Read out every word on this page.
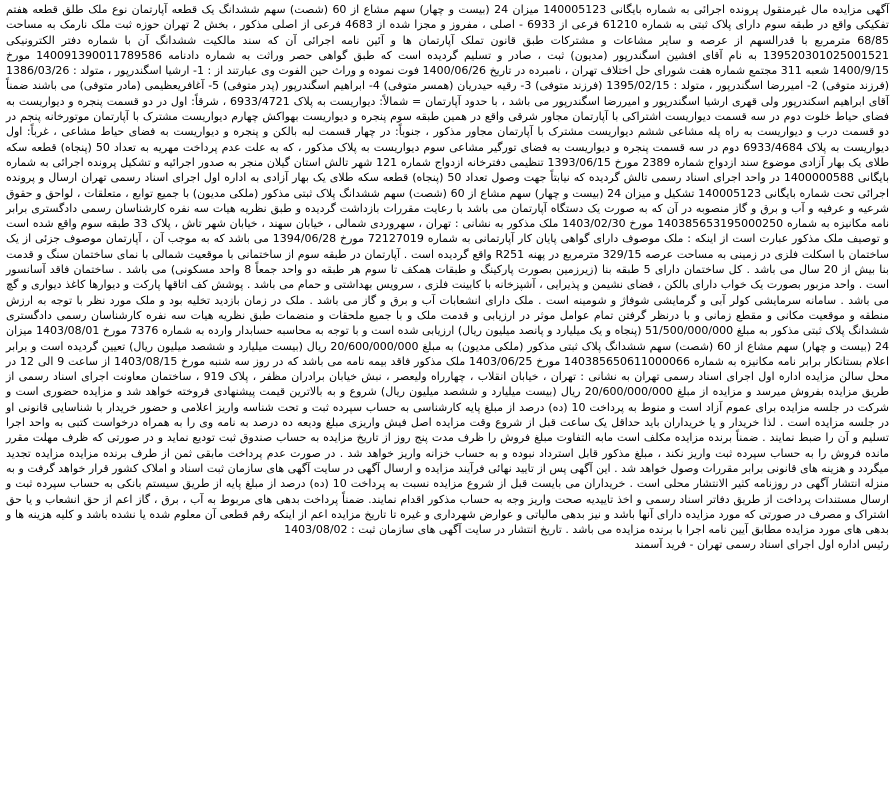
آگهی مزایده مال غیرمنقول پرونده اجرائی به شماره بایگانی 140005123 میزان 24 (بیست و چهار) سهم مشاع از 60 (شصت) سهم ششدانگ یک قطعه آپارتمان نوع ملک طلق قطعه هفتم تفکیکی واقع در طبقه سوم دارای پلاک ثبتی به شماره 61210 فرعی از 6933 - اصلی ، مفروز و مجزا شده از 4683 فرعی از اصلی مذکور ، بخش 2 تهران حوزه ثبت ملک نارمک به مساحت 68/85 مترمربع با قدرالسهم از عرصه و سایر مشاعات و مشترکات طبق قانون تملک آپارتمان ها و آئین نامه اجرائی آن که سند مالکیت ششدانگ آن با شماره دفتر الکترونیکی 139520301025001521 به نام آقای افشین اسگندرپور (مدیون) ثبت ، صادر و تسلیم گردیده است که طبق گواهی حصر وراثت به شماره دادنامه 140091390011789586 مورخ 1400/9/15 شعبه 311 مجتمع شماره هفت شورای حل اختلاف تهران ، نامبرده در تاریخ 1400/06/26 فوت نموده و وراث حین الفوت وی عبارتند از : 1- ارشیا اسگندرپور ، متولد : 1386/03/26 (فرزند متوفی) 2- امیررضا اسگندرپور ، متولد : 1395/02/15 (فرزند متوفی) 3- رقیه حیدریان (همسر متوفی) 4- ابراهیم اسگندرپور (پدر متوفی) 5- آغافریعظیمی (مادر متوفی) می باشند ضمناً آقای ابراهیم اسکندرپور ولی قهری ارشیا اسگندرپور و امیررضا اسگندرپور می باشد ، با حدود آپارتمان = شمالاً: دیواریست به پلاک 6933/4721 ، شرقاً: اول در دو قسمت پنجره و دیواریست به فضای حیاط خلوت دوم در سه قسمت دیواریست اشتراکی با آپارتمان مجاور شرقی واقع در همین طبقه سوم پنجره و دیواریست بهواکش چهارم دیواریست مشترک با آپارتمان موتورخانه پنجم در دو قسمت درب و دیواریست به راه پله مشاعی ششم دیواریست مشترک با آپارتمان مجاور مذکور ، جنوباً: در چهار قسمت لبه بالکن و پنجره و دیواریست به فضای حیاط مشاعی ، غرباً: اول دیواریست به پلاک 6933/4684 دوم در سه قسمت پنجره و دیواریست به فضای تورگیر مشاعی سوم دیواریست به پلاک مذکور ، که به علت عدم پرداخت مهریه به تعداد 50 (پنجاه) قطعه سکه طلای یک بهار آزادی موضوع سند ازدواج شماره 2389 مورخ 1393/06/15 تنظیمی دفترخانه ازدواج شماره 121 شهر تالش استان گیلان منجر به صدور اجرائیه و تشکیل پرونده اجرائی به شماره بایگانی 1400000588 در واحد اجرای اسناد رسمی تالش گردیده که نیابتاً جهت وصول تعداد 50 (پنجاه) قطعه سکه طلای یک بهار آزادی به اداره اول اجرای اسناد رسمی تهران ارسال و پرونده اجرائی تحت شماره بایگانی 140005123 تشکیل و میزان 24 (بیست و چهار) سهم مشاع از 60 (شصت) سهم ششدانگ پلاک ثبتی مذکور (ملکی مدیون) با جمیع توابع ، متعلقات ، لواحق و حقوق شرعیه و عرفیه و آب و برق و گاز منصوبه در آن که به صورت یک دستگاه آپارتمان می باشد با رعایت مقررات بازداشت گردیده و طبق نظریه هیات سه نفره کارشناسان رسمی دادگستری برابر نامه مکانیزه به شماره 140385653195000250 مورخ 1403/02/30 ملک مذکور به نشانی : تهران ، سهروردی شمالی ، خیابان سهند ، خیابان شهر تاش ، پلاک 33 طبقه سوم واقع شده است و توصیف ملک مذکور عبارت است از اینکه : ملک موصوف دارای گواهی پایان کار آپارتمانی به شماره 72127019 مورخ 1394/06/28 می باشد که به موجب آن ، آپارتمان موصوف جزئی از یک ساختمان با اسکلت فلزی در زمینی به مساحت عرصه 329/15 مترمربع در پهنه R251 واقع گردیده است . آپارتمان در طبقه سوم از ساختمانی با موقعیت شمالی با نمای ساختمان سنگ و قدمت بنا بیش از 20 سال می باشد . کل ساختمان دارای 5 طبقه بنا (زیرزمین بصورت پارکینگ و طبقات همکف تا سوم هر طبقه دو واحد جمعاً 8 واحد مسکونی) می باشد . ساختمان فاقد آسانسور است . واحد مزبور بصورت یک خواب دارای بالکن ، فضای نشیمن و پذیرایی ، آشپزخانه با کابینت فلزی ، سرویس بهداشتی و حمام می باشد . پوشش کف اتاقها پارکت و دیوارها کاغذ دیواری و گچ می باشد . سامانه سرمایشی کولر آبی و گرمایشی شوفاژ و شومینه است . ملک دارای انشعابات آب و برق و گاز می باشد . ملک در زمان بازدید تخلیه بود و ملک مورد نظر با توجه به ارزش منطقه و موقعیت مکانی و مقطع زمانی و با درنظر گرفتن تمام عوامل موثر در ارزیابی و قدمت ملک و با جمیع ملحقات و منضمات طبق نظریه هیات سه نفره کارشناسان رسمی دادگستری ششدانگ پلاک ثبتی مذکور به مبلغ 51/500/000/000 (پنجاه و یک میلیارد و پانصد میلیون ریال) ارزیابی شده است و با توجه به محاسبه حسابدار وارده به شماره 7376 مورخ 1403/08/01 میزان 24 (بیست و چهار) سهم مشاع از 60 (شصت) سهم ششدانگ پلاک ثبتی مذکور (ملکی مدیون) به مبلغ 20/600/000/000 ریال (بیست میلیارد و ششصد میلیون ریال) تعیین گردیده است و برابر اعلام بستانکار برابر نامه مکانیزه به شماره 140385650611000066 مورخ 1403/06/25 ملک مذکور فاقد بیمه نامه می باشد که در روز سه شنبه مورخ 1403/08/15 از ساعت 9 الی 12 در محل سالن مزایده اداره اول اجرای اسناد رسمی تهران به نشانی : تهران ، خیابان انقلاب ، چهارراه ولیعصر ، نبش خیابان برادران مظفر ، پلاک 919 ، ساختمان معاونت اجرای اسناد رسمی از طریق مزایده بفروش میرسد و مزایده از مبلغ 20/600/000/000 ریال (بیست میلیارد و ششصد میلیون ریال) شروع و به بالاترین قیمت پیشنهادی فروخته خواهد شد و مزایده حضوری است و شرکت در جلسه مزایده برای عموم آزاد است و منوط به پرداخت 10 (ده) درصد از مبلغ پایه کارشناسی به حساب سپرده ثبت و تحت شناسه واریز اعلامی و حضور خریدار با شناسایی قانونی او در جلسه مزایده است . لذا خریدار و یا خریداران باید حداقل یک ساعت قبل از شروع وقت مزایده اصل فیش واریزی مبلغ ودیعه ده درصد به نامه وی را به همراه درخواست کتبی به واحد اجرا تسلیم و آن را ضبط نمایند . ضمناً برنده مزایده مکلف است مابه التفاوت مبلغ فروش را ظرف مدت پنج روز از تاریخ مزایده به حساب صندوق ثبت تودیع نماید و در صورتی که ظرف مهلت مقرر مانده فروش را به حساب سپرده ثبت واریز نکند ، مبلغ مذکور قابل استرداد نبوده و به حساب خزانه واریز خواهد شد . در صورت عدم پرداخت مابقی ثمن از طرف برنده مزایده مزایده تجدید میگردد و هزینه های قانونی برابر مقررات وصول خواهد شد . این آگهی پس از تایید نهائی فرآیند مزایده و ارسال آگهی در سایت آگهی های سازمان ثبت اسناد و املاک کشور قرار خواهد گرفت و به منزله انتشار آگهی در روزنامه کثیر الانتشار محلی است . خریداران می بایست قبل از شروع مزایده نسبت به پرداخت 10 (ده) درصد از مبلغ پایه از طریق سیستم بانکی به حساب سپرده ثبت و ارسال مستندات پرداخت از طریق دفاتر اسناد رسمی و اخذ تاییدیه صحت واریز وجه به حساب مذکور اقدام نمایند. ضمناً پرداخت بدهی های مربوط به آب ، برق ، گاز اعم از حق انشعاب و یا حق اشتراک و مصرف در صورتی که مورد مزایده دارای آنها باشد و نیز بدهی مالیاتی و عوارض شهرداری و غیره تا تاریخ مزایده اعم از اینکه رقم قطعی آن معلوم شده یا نشده باشد و کلیه هزینه ها و بدهی های مورد مزایده مطابق آیین نامه اجرا با برنده مزایده می باشد . تاریخ انتشار در سایت آگهی های سازمان ثبت : 1403/08/02

رئیس اداره اول اجرای اسناد رسمی تهران - فرید آسمند
